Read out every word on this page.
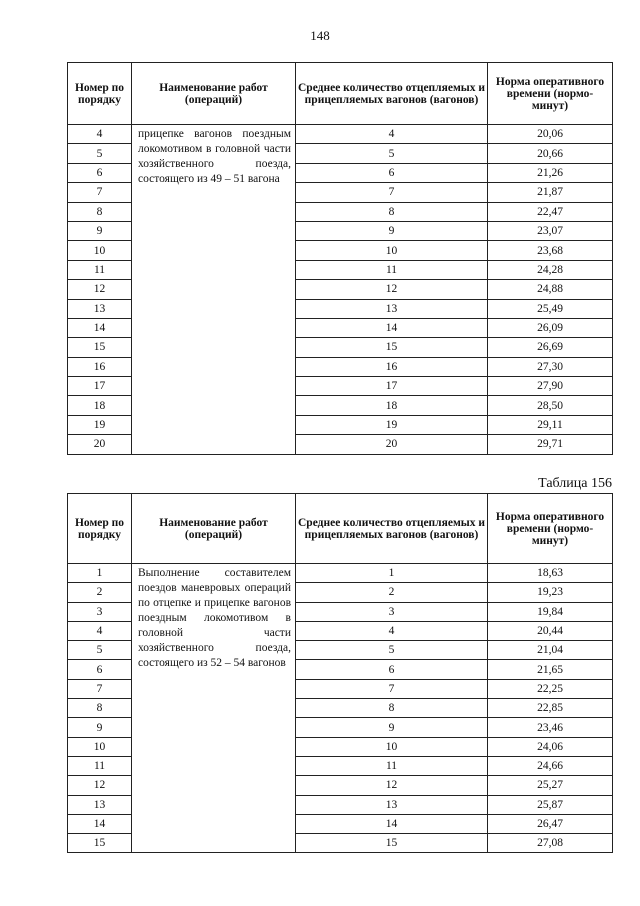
148
Номер по порядку	Наименование работ (операций)	Среднее количество отцепляемых и прицепляемых вагонов (вагонов)	Норма оперативного времени (нормо-минут)
4	прицепке вагонов поездным локомотивом в головной части хозяйственного поезда, состоящего из 49 – 51 вагона	4	20,06
5		5	20,66
6		6	21,26
7		7	21,87
8		8	22,47
9		9	23,07
10		10	23,68
11		11	24,28
12		12	24,88
13		13	25,49
14		14	26,09
15		15	26,69
16		16	27,30
17		17	27,90
18		18	28,50
19		19	29,11
20		20	29,71
Таблица 156
Номер по порядку	Наименование работ (операций)	Среднее количество отцепляемых и прицепляемых вагонов (вагонов)	Норма оперативного времени (нормо-минут)
1	Выполнение составителем поездов маневровых операций по отцепке и прицепке вагонов поездным локомотивом в головной части хозяйственного поезда, состоящего из 52 – 54 вагонов	1	18,63
2		2	19,23
3		3	19,84
4		4	20,44
5		5	21,04
6		6	21,65
7		7	22,25
8		8	22,85
9		9	23,46
10		10	24,06
11		11	24,66
12		12	25,27
13		13	25,87
14		14	26,47
15		15	27,08
